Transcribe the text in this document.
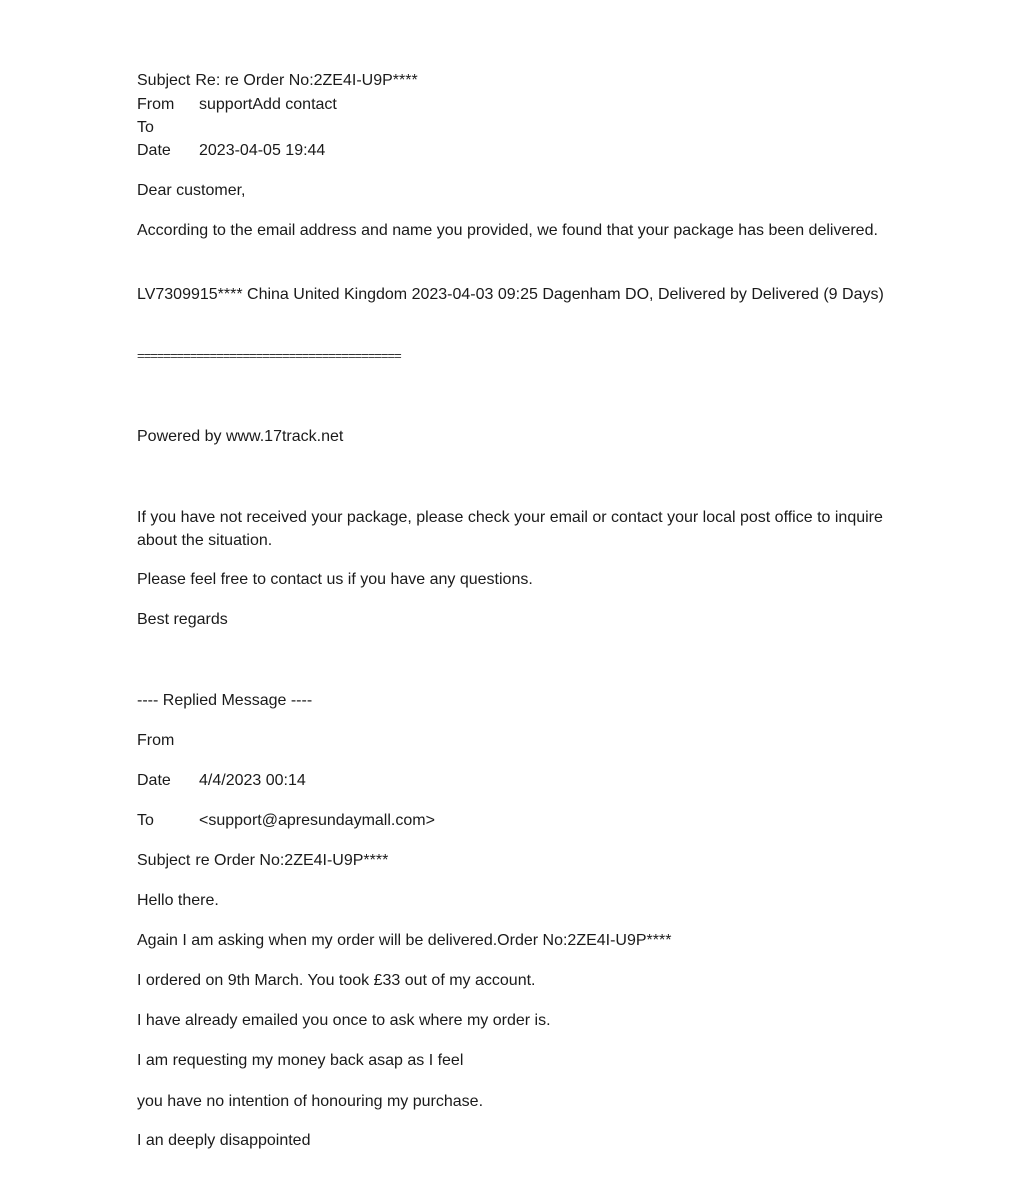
Subject Re: re Order No:2ZE4I-U9P****
From supportAdd contact
To
Date 2023-04-05 19:44
Dear customer,
According to the email address and name you provided, we found that your package has been delivered.
LV7309915**** China United Kingdom 2023-04-03 09:25 Dagenham DO, Delivered by Delivered (9 Days)
========================================
Powered by www.17track.net
If you have not received your package, please check your email or contact your local post office to inquire about the situation.
Please feel free to contact us if you have any questions.
Best regards
---- Replied Message ----
From
Date 4/4/2023 00:14
To	<support@apresundaymall.com>
Subject re Order No:2ZE4I-U9P****
Hello there.
Again I am asking when my order will be delivered.Order No:2ZE4I-U9P****
I ordered on 9th March. You took £33 out of my account.
I have already emailed you once to ask where my order is.
I am requesting my money back asap as I feel
you have no intention of honouring my purchase.
I an deeply disappointed
